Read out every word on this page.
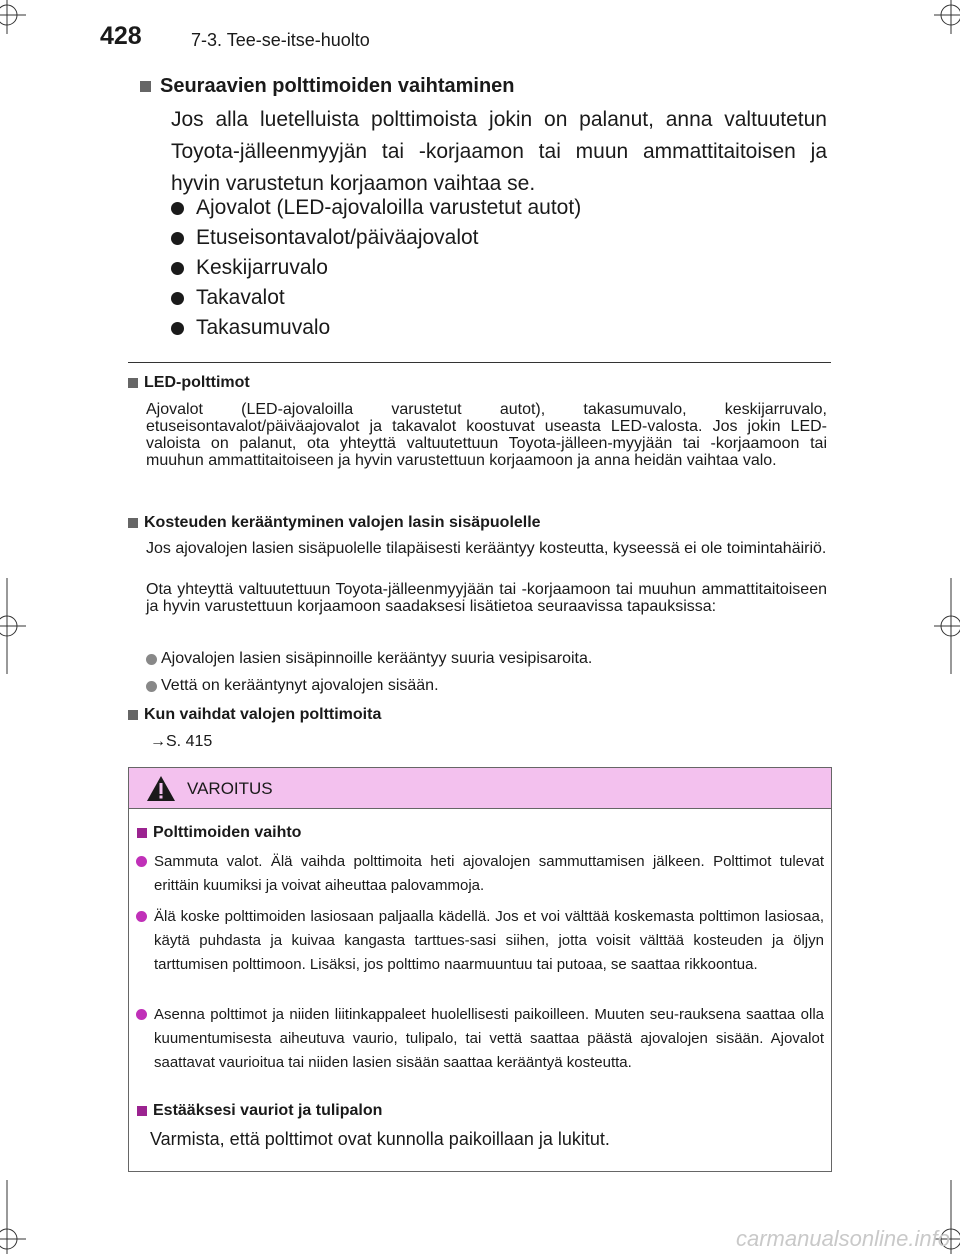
428	7-3. Tee-se-itse-huolto
Seuraavien polttimoiden vaihtaminen
Jos alla luetelluista polttimoista jokin on palanut, anna valtuutetun Toyota-jälleenmyyjän tai -korjaamon tai muun ammattitaitoisen ja hyvin varustetun korjaamon vaihtaa se.
Ajovalot (LED-ajovaloilla varustetut autot)
Etuseisontavalot/päiväajovalot
Keskijarruvalo
Takavalot
Takasumuvalo
LED-polttimot
Ajovalot (LED-ajovaloilla varustetut autot), takasumuvalo, keskijarruvalo, etuseisontavalot/päiväajovalot ja takavalot koostuvat useasta LED-valosta. Jos jokin LED-valoista on palanut, ota yhteyttä valtuutettuun Toyota-jälleen-myyjään tai -korjaamoon tai muuhun ammattitaitoiseen ja hyvin varustettuun korjaamoon ja anna heidän vaihtaa valo.
Kosteuden kerääntyminen valojen lasin sisäpuolelle
Jos ajovalojen lasien sisäpuolelle tilapäisesti kerääntyy kosteutta, kyseessä ei ole toimintahäiriö.
Ota yhteyttä valtuutettuun Toyota-jälleenmyyjään tai -korjaamoon tai muuhun ammattitaitoiseen ja hyvin varustettuun korjaamoon saadaksesi lisätietoa seuraavissa tapauksissa:
Ajovalojen lasien sisäpinnoille kerääntyy suuria vesipisaroita.
Vettä on kerääntynyt ajovalojen sisään.
Kun vaihdat valojen polttimoita
→S. 415
VAROITUS
Polttimoiden vaihto
Sammuta valot. Älä vaihda polttimoita heti ajovalojen sammuttamisen jälkeen. Polttimot tulevat erittäin kuumiksi ja voivat aiheuttaa palovammoja.
Älä koske polttimoiden lasiosaan paljaalla kädellä. Jos et voi välttää koskemasta polttimon lasiosaa, käytä puhdasta ja kuivaa kangasta tarttues-sasi siihen, jotta voisit välttää kosteuden ja öljyn tarttumisen polttimoon. Lisäksi, jos polttimo naarmuuntuu tai putoaa, se saattaa rikkoontua.
Asenna polttimot ja niiden liitinkappaleet huolellisesti paikoilleen. Muuten seu-rauksena saattaa olla kuumentumisesta aiheutuva vaurio, tulipalo, tai vettä saattaa päästä ajovalojen sisään. Ajovalot saattavat vaurioitua tai niiden lasien sisään saattaa kerääntyä kosteutta.
Estääksesi vauriot ja tulipalon
Varmista, että polttimot ovat kunnolla paikoillaan ja lukitut.
carmanualsonline.info
